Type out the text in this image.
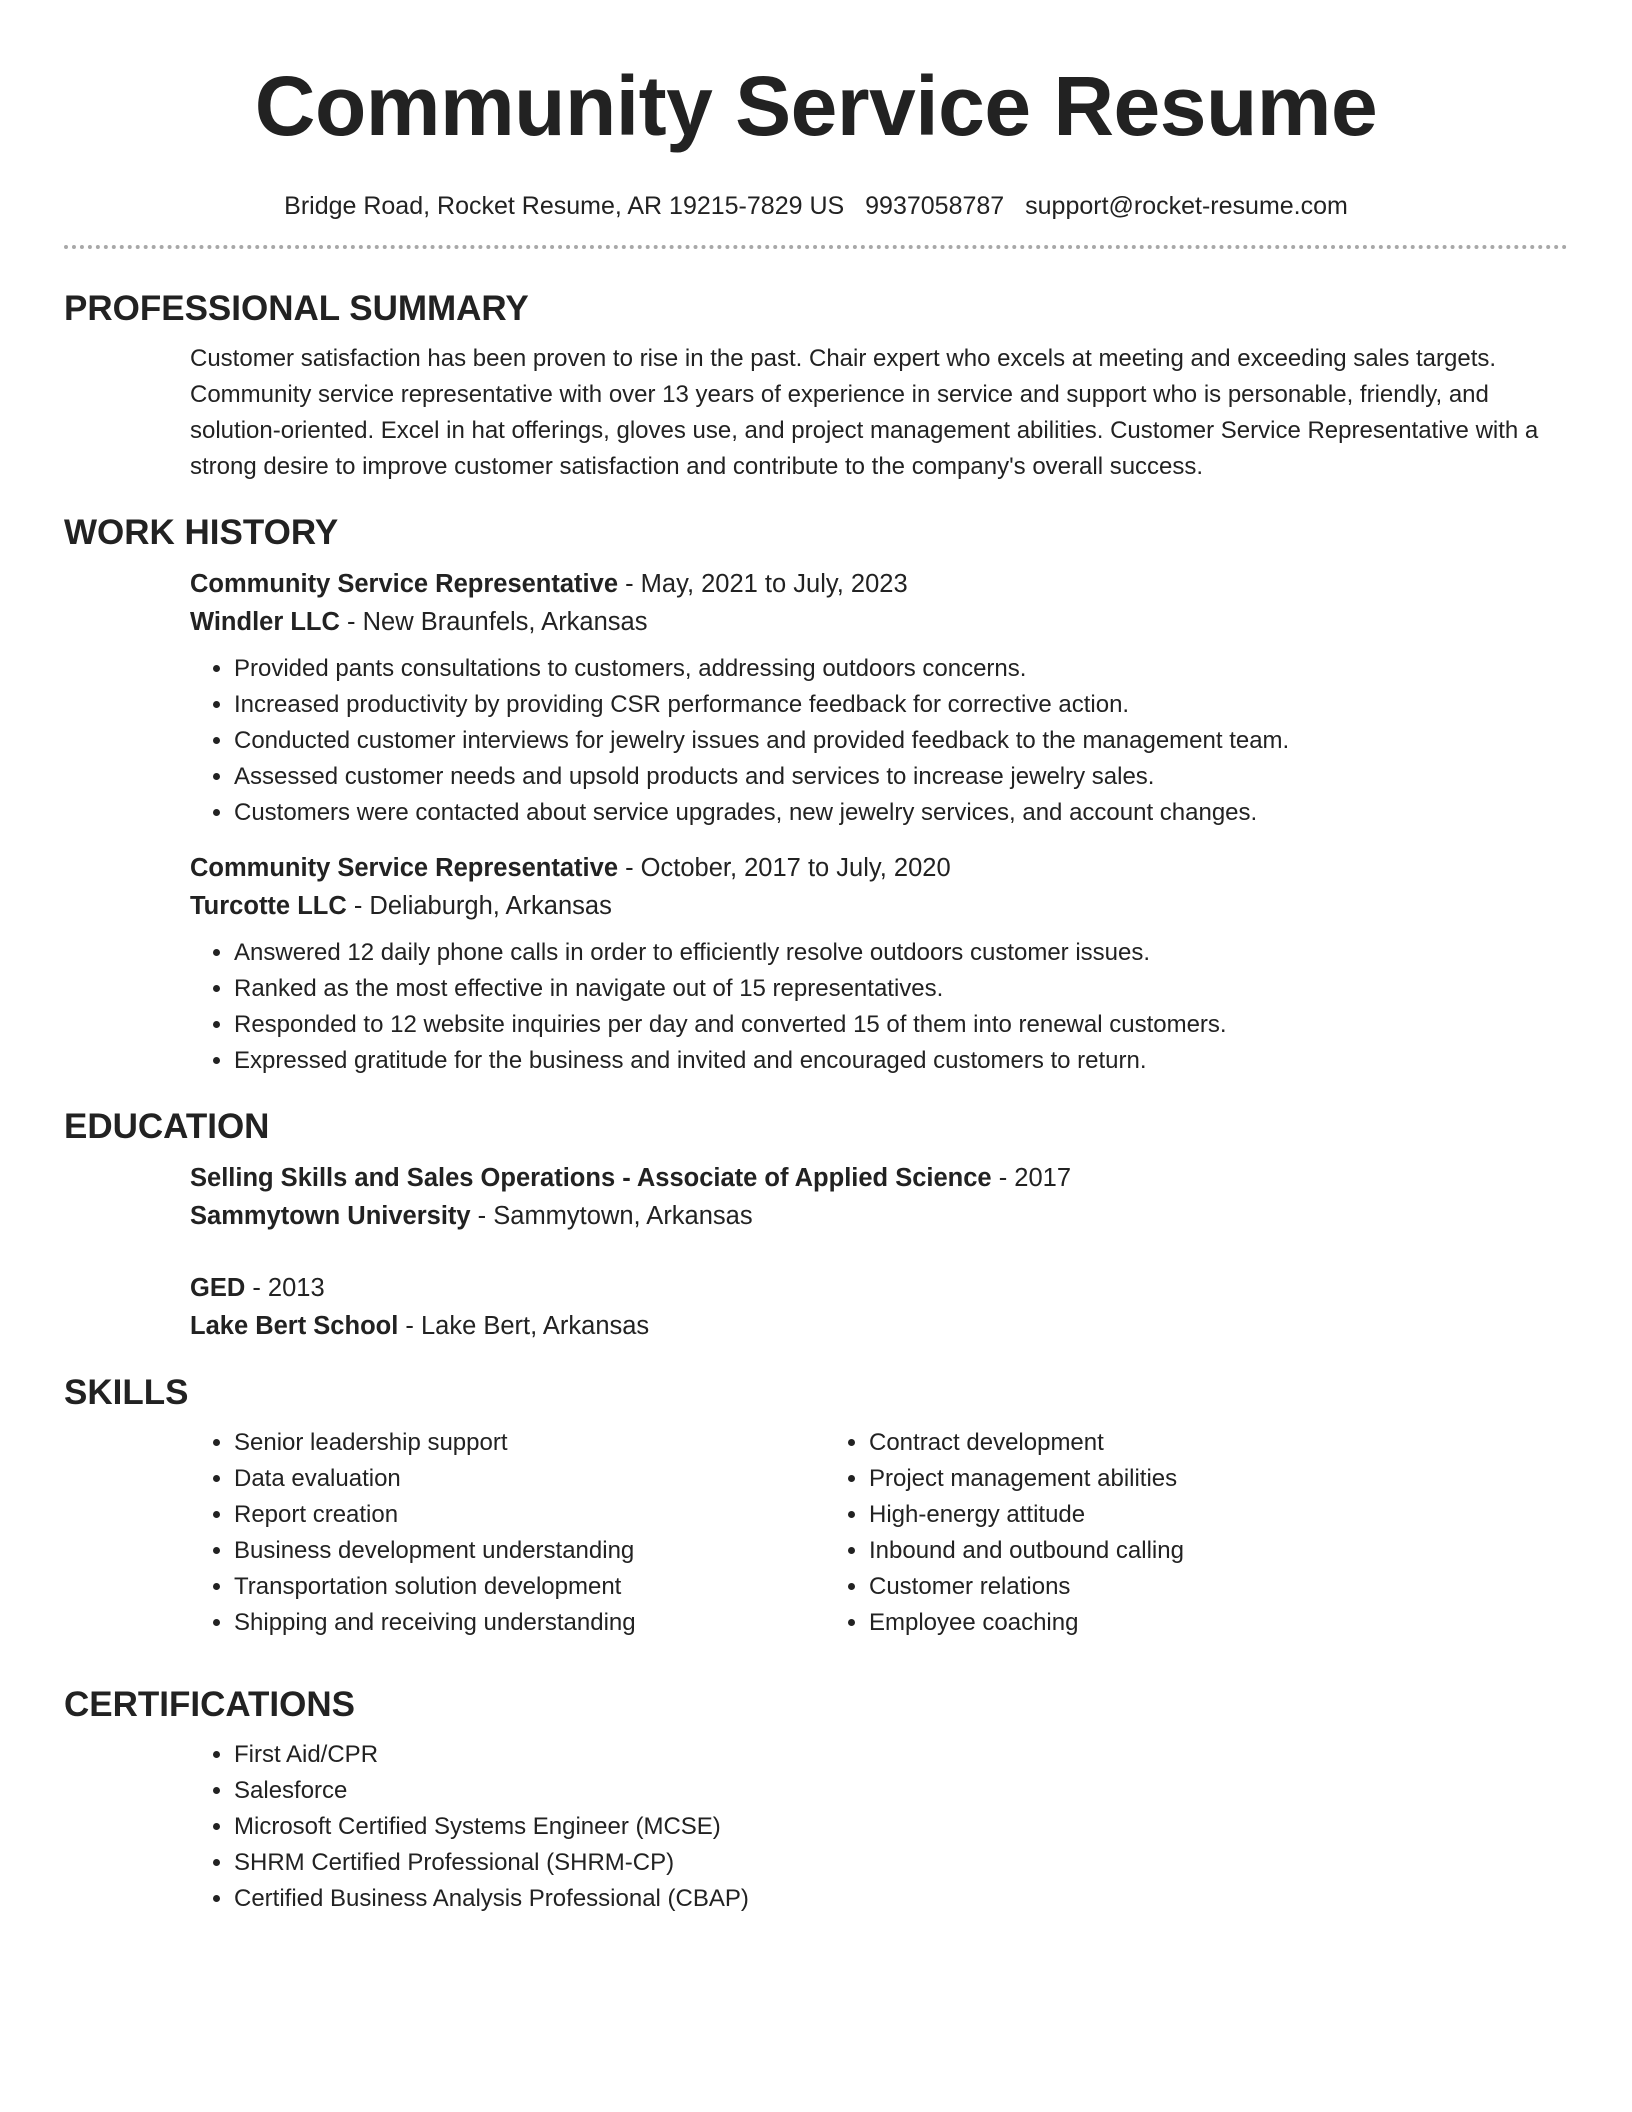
Community Service Resume
Bridge Road, Rocket Resume, AR 19215-7829 US 9937058787 support@rocket-resume.com
PROFESSIONAL SUMMARY

Customer satisfaction has been proven to rise in the past. Chair expert who excels at meeting and exceeding sales targets. Community service representative with over 13 years of experience in service and support who is personable, friendly, and solution-oriented. Excel in hat offerings, gloves use, and project management abilities. Customer Service Representative with a strong desire to improve customer satisfaction and contribute to the company's overall success.

WORK HISTORY
Community Service Representative - May, 2021 to July, 2023
Windler LLC - New Braunfels, Arkansas
• Provided pants consultations to customers, addressing outdoors concerns.
• Increased productivity by providing CSR performance feedback for corrective action.
• Conducted customer interviews for jewelry issues and provided feedback to the management team.
• Assessed customer needs and upsold products and services to increase jewelry sales.
• Customers were contacted about service upgrades, new jewelry services, and account changes.
Community Service Representative - October, 2017 to July, 2020
Turcotte LLC - Deliaburgh, Arkansas
• Answered 12 daily phone calls in order to efficiently resolve outdoors customer issues.
• Ranked as the most effective in navigate out of 15 representatives.
• Responded to 12 website inquiries per day and converted 15 of them into renewal customers.
• Expressed gratitude for the business and invited and encouraged customers to return.
EDUCATION
Selling Skills and Sales Operations - Associate of Applied Science - 2017
Sammytown University - Sammytown, Arkansas
GED - 2013
Lake Bert School - Lake Bert, Arkansas
SKILLS
• Senior leadership support
• Data evaluation
• Report creation
• Business development understanding
• Transportation solution development
• Shipping and receiving understanding
• Contract development
• Project management abilities
• High-energy attitude
• Inbound and outbound calling
• Customer relations
• Employee coaching
CERTIFICATIONS
• First Aid/CPR
• Salesforce
• Microsoft Certified Systems Engineer (MCSE)
• SHRM Certified Professional (SHRM-CP)
• Certified Business Analysis Professional (CBAP)
